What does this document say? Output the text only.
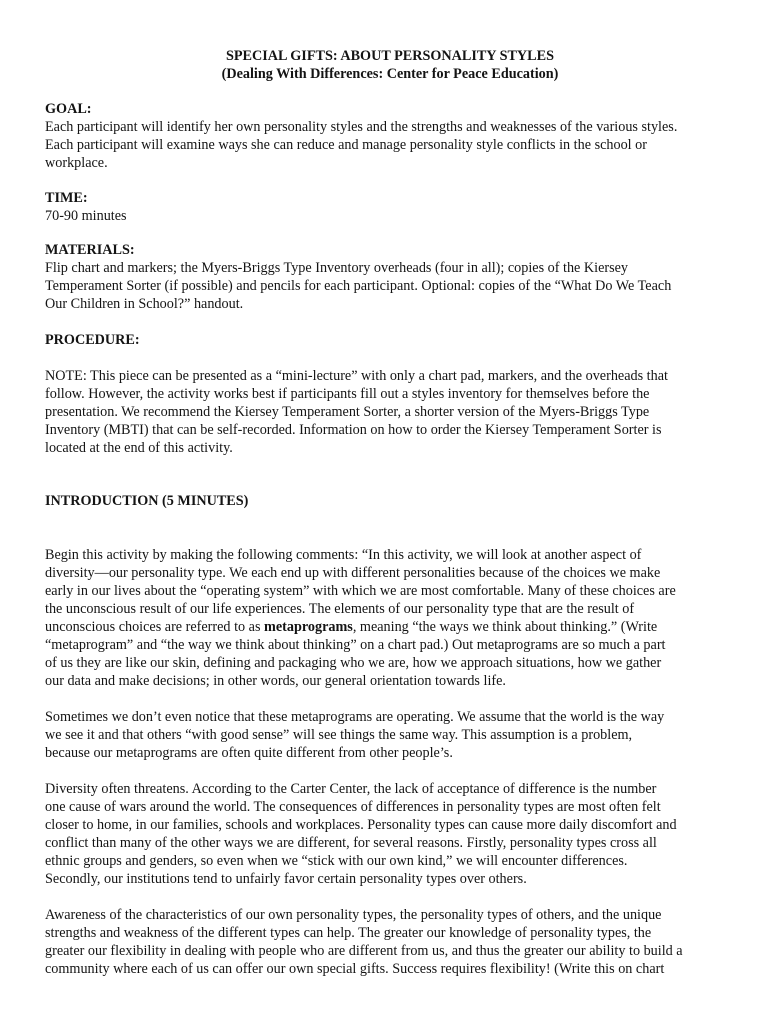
SPECIAL GIFTS: ABOUT PERSONALITY STYLES
(Dealing With Differences: Center for Peace Education)
GOAL:
Each participant will identify her own personality styles and the strengths and weaknesses of the various styles.
Each participant will examine ways she can reduce and manage personality style conflicts in the school or
workplace.
TIME:
70-90 minutes
MATERIALS:
Flip chart and markers; the Myers-Briggs Type Inventory overheads (four in all); copies of the Kiersey
Temperament Sorter (if possible) and pencils for each participant. Optional: copies of the “What Do We Teach
Our Children in School?” handout.
PROCEDURE:
NOTE: This piece can be presented as a “mini-lecture” with only a chart pad, markers, and the overheads that
follow. However, the activity works best if participants fill out a styles inventory for themselves before the
presentation. We recommend the Kiersey Temperament Sorter, a shorter version of the Myers-Briggs Type
Inventory (MBTI) that can be self-recorded. Information on how to order the Kiersey Temperament Sorter is
located at the end of this activity.
INTRODUCTION (5 MINUTES)
Begin this activity by making the following comments: “In this activity, we will look at another aspect of
diversity—our personality type. We each end up with different personalities because of the choices we make
early in our lives about the “operating system” with which we are most comfortable. Many of these choices are
the unconscious result of our life experiences. The elements of our personality type that are the result of
unconscious choices are referred to as metaprograms, meaning “the ways we think about thinking.” (Write
“metaprogram” and “the way we think about thinking” on a chart pad.) Out metaprograms are so much a part
of us they are like our skin, defining and packaging who we are, how we approach situations, how we gather
our data and make decisions; in other words, our general orientation towards life.
Sometimes we don’t even notice that these metaprograms are operating. We assume that the world is the way
we see it and that others “with good sense” will see things the same way. This assumption is a problem,
because our metaprograms are often quite different from other people’s.
Diversity often threatens. According to the Carter Center, the lack of acceptance of difference is the number
one cause of wars around the world. The consequences of differences in personality types are most often felt
closer to home, in our families, schools and workplaces. Personality types can cause more daily discomfort and
conflict than many of the other ways we are different, for several reasons. Firstly, personality types cross all
ethnic groups and genders, so even when we “stick with our own kind,” we will encounter differences.
Secondly, our institutions tend to unfairly favor certain personality types over others.
Awareness of the characteristics of our own personality types, the personality types of others, and the unique
strengths and weakness of the different types can help. The greater our knowledge of personality types, the
greater our flexibility in dealing with people who are different from us, and thus the greater our ability to build a
community where each of us can offer our own special gifts. Success requires flexibility! (Write this on chart
